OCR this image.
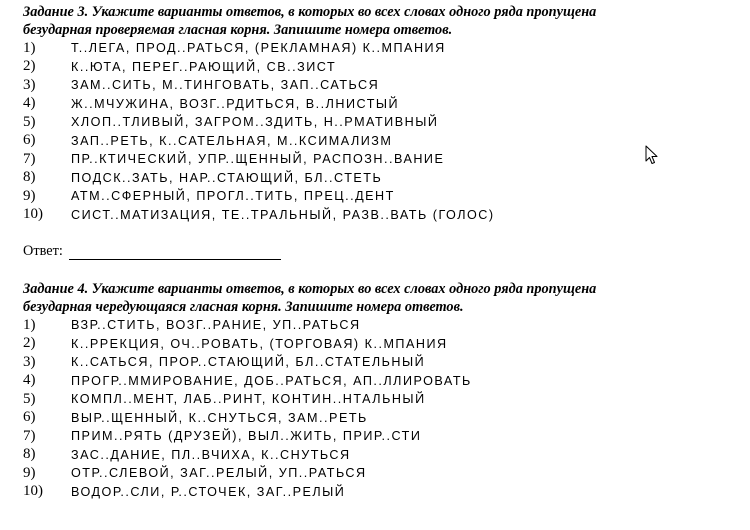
Задание 3. Укажите варианты ответов, в которых во всех словах одного ряда пропущена
безударная проверяемая гласная корня. Запишите номера ответов.

1)	Т..ЛЕГА, ПРОД..РАТЬСЯ, (РЕКЛАМНАЯ) К..МПАНИЯ
2)	К..ЮТА, ПЕРЕГ..РАЮЩИЙ, СВ..ЗИСТ
3)	ЗАМ..СИТЬ, М..ТИНГОВАТЬ, ЗАП..САТЬСЯ
4)	Ж..МЧУЖИНА, ВОЗГ..РДИТЬСЯ, В..ЛНИСТЫЙ
5)	ХЛОП..ТЛИВЫЙ, ЗАГРОМ..ЗДИТЬ, Н..РМАТИВНЫЙ
6)	ЗАП..РЕТЬ, К..САТЕЛЬНАЯ, М..КСИМАЛИЗМ
7)	ПР..КТИЧЕСКИЙ, УПР..ЩЕННЫЙ, РАСПОЗН..ВАНИЕ
8)	ПОДСК..ЗАТЬ, НАР..СТАЮЩИЙ, БЛ..СТЕТЬ
9)	АТМ..СФЕРНЫЙ, ПРОГЛ..ТИТЬ, ПРЕЦ..ДЕНТ
10)	СИСТ..МАТИЗАЦИЯ, ТЕ..ТРАЛЬНЫЙ, РАЗВ..ВАТЬ (ГОЛОС)
Ответ:

Задание 4. Укажите варианты ответов, в которых во всех словах одного ряда пропущена
безударная чередующаяся гласная корня. Запишите номера ответов.

1)	ВЗР..СТИТЬ, ВОЗГ..РАНИЕ, УП..РАТЬСЯ
2)	К..РРЕКЦИЯ, ОЧ..РОВАТЬ, (ТОРГОВАЯ) К..МПАНИЯ
3)	К..САТЬСЯ, ПРОР..СТАЮЩИЙ, БЛ..СТАТЕЛЬНЫЙ
4)	ПРОГР..ММИРОВАНИЕ, ДОБ..РАТЬСЯ, АП..ЛЛИРОВАТЬ
5)	КОМПЛ..МЕНТ, ЛАБ..РИНТ, КОНТИН..НТАЛЬНЫЙ
6)	ВЫР..ЩЕННЫЙ, К..СНУТЬСЯ, ЗАМ..РЕТЬ
7)	ПРИМ..РЯТЬ (ДРУЗЕЙ), ВЫЛ..ЖИТЬ, ПРИР..СТИ
8)	ЗАС..ДАНИЕ, ПЛ..ВЧИХА, К..СНУТЬСЯ
9)	ОТР..СЛЕВОЙ, ЗАГ..РЕЛЫЙ, УП..РАТЬСЯ
10)	ВОДОР..СЛИ, Р..СТОЧЕК, ЗАГ..РЕЛЫЙ
